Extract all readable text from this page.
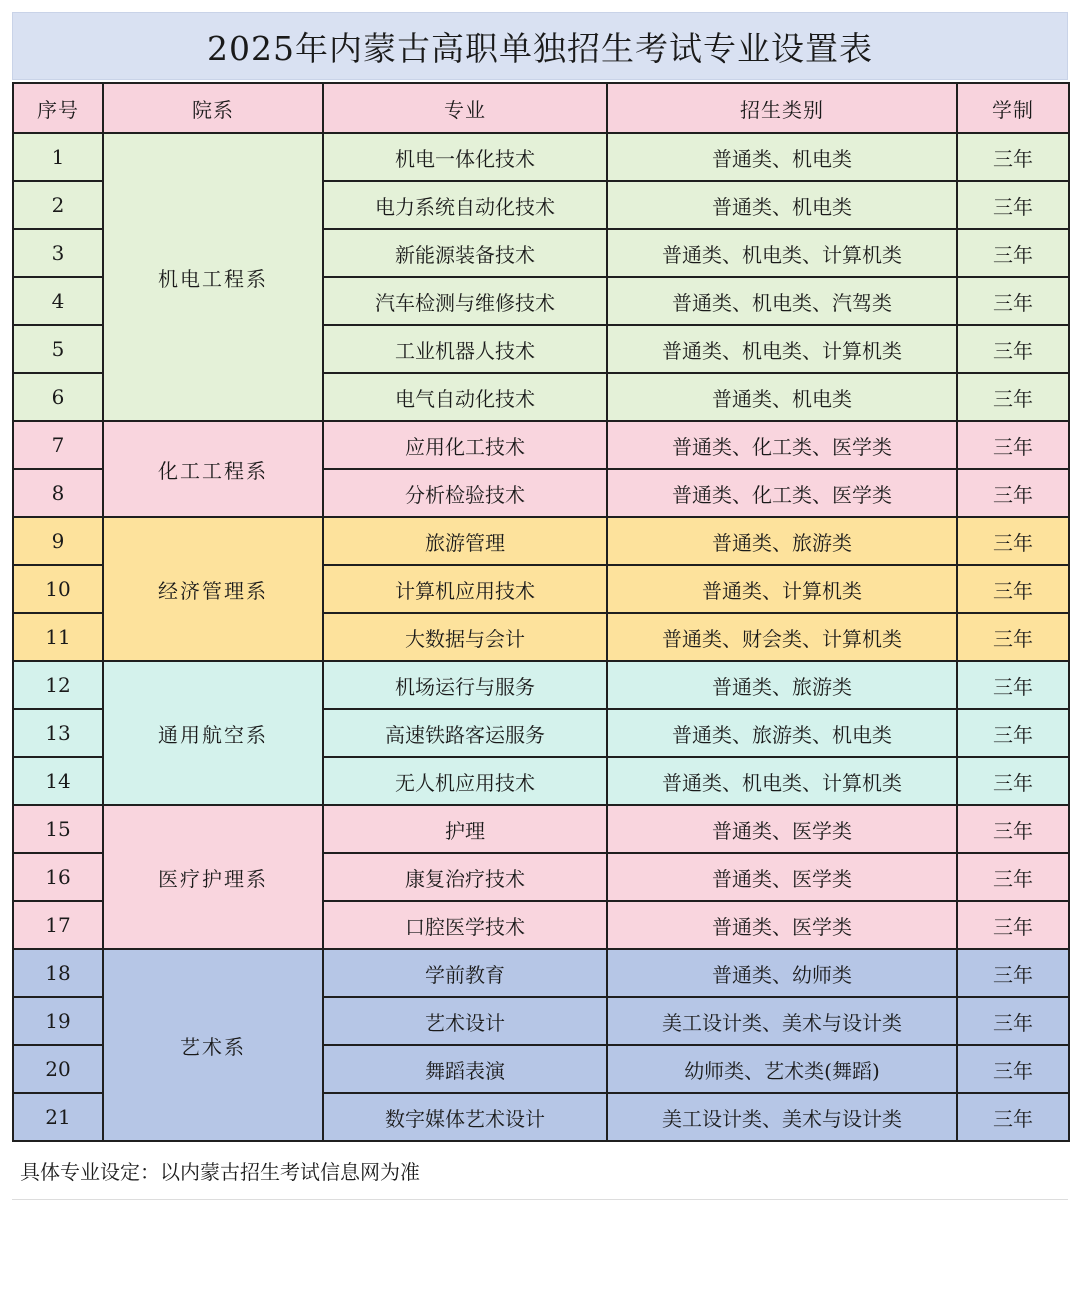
2025年内蒙古高职单独招生考试专业设置表
序号	院系	专业	招生类别	学制
1	机电工程系	机电一体化技术	普通类、机电类	三年
2		电力系统自动化技术	普通类、机电类	三年
3		新能源装备技术	普通类、机电类、计算机类	三年
4		汽车检测与维修技术	普通类、机电类、汽驾类	三年
5		工业机器人技术	普通类、机电类、计算机类	三年
6		电气自动化技术	普通类、机电类	三年
7	化工工程系	应用化工技术	普通类、化工类、医学类	三年
8		分析检验技术	普通类、化工类、医学类	三年
9	经济管理系	旅游管理	普通类、旅游类	三年
10		计算机应用技术	普通类、计算机类	三年
11		大数据与会计	普通类、财会类、计算机类	三年
12	通用航空系	机场运行与服务	普通类、旅游类	三年
13		高速铁路客运服务	普通类、旅游类、机电类	三年
14		无人机应用技术	普通类、机电类、计算机类	三年
15	医疗护理系	护理	普通类、医学类	三年
16		康复治疗技术	普通类、医学类	三年
17		口腔医学技术	普通类、医学类	三年
18	艺术系	学前教育	普通类、幼师类	三年
19		艺术设计	美工设计类、美术与设计类	三年
20		舞蹈表演	幼师类、艺术类(舞蹈)	三年
21		数字媒体艺术设计	美工设计类、美术与设计类	三年
具体专业设定：以内蒙古招生考试信息网为准
